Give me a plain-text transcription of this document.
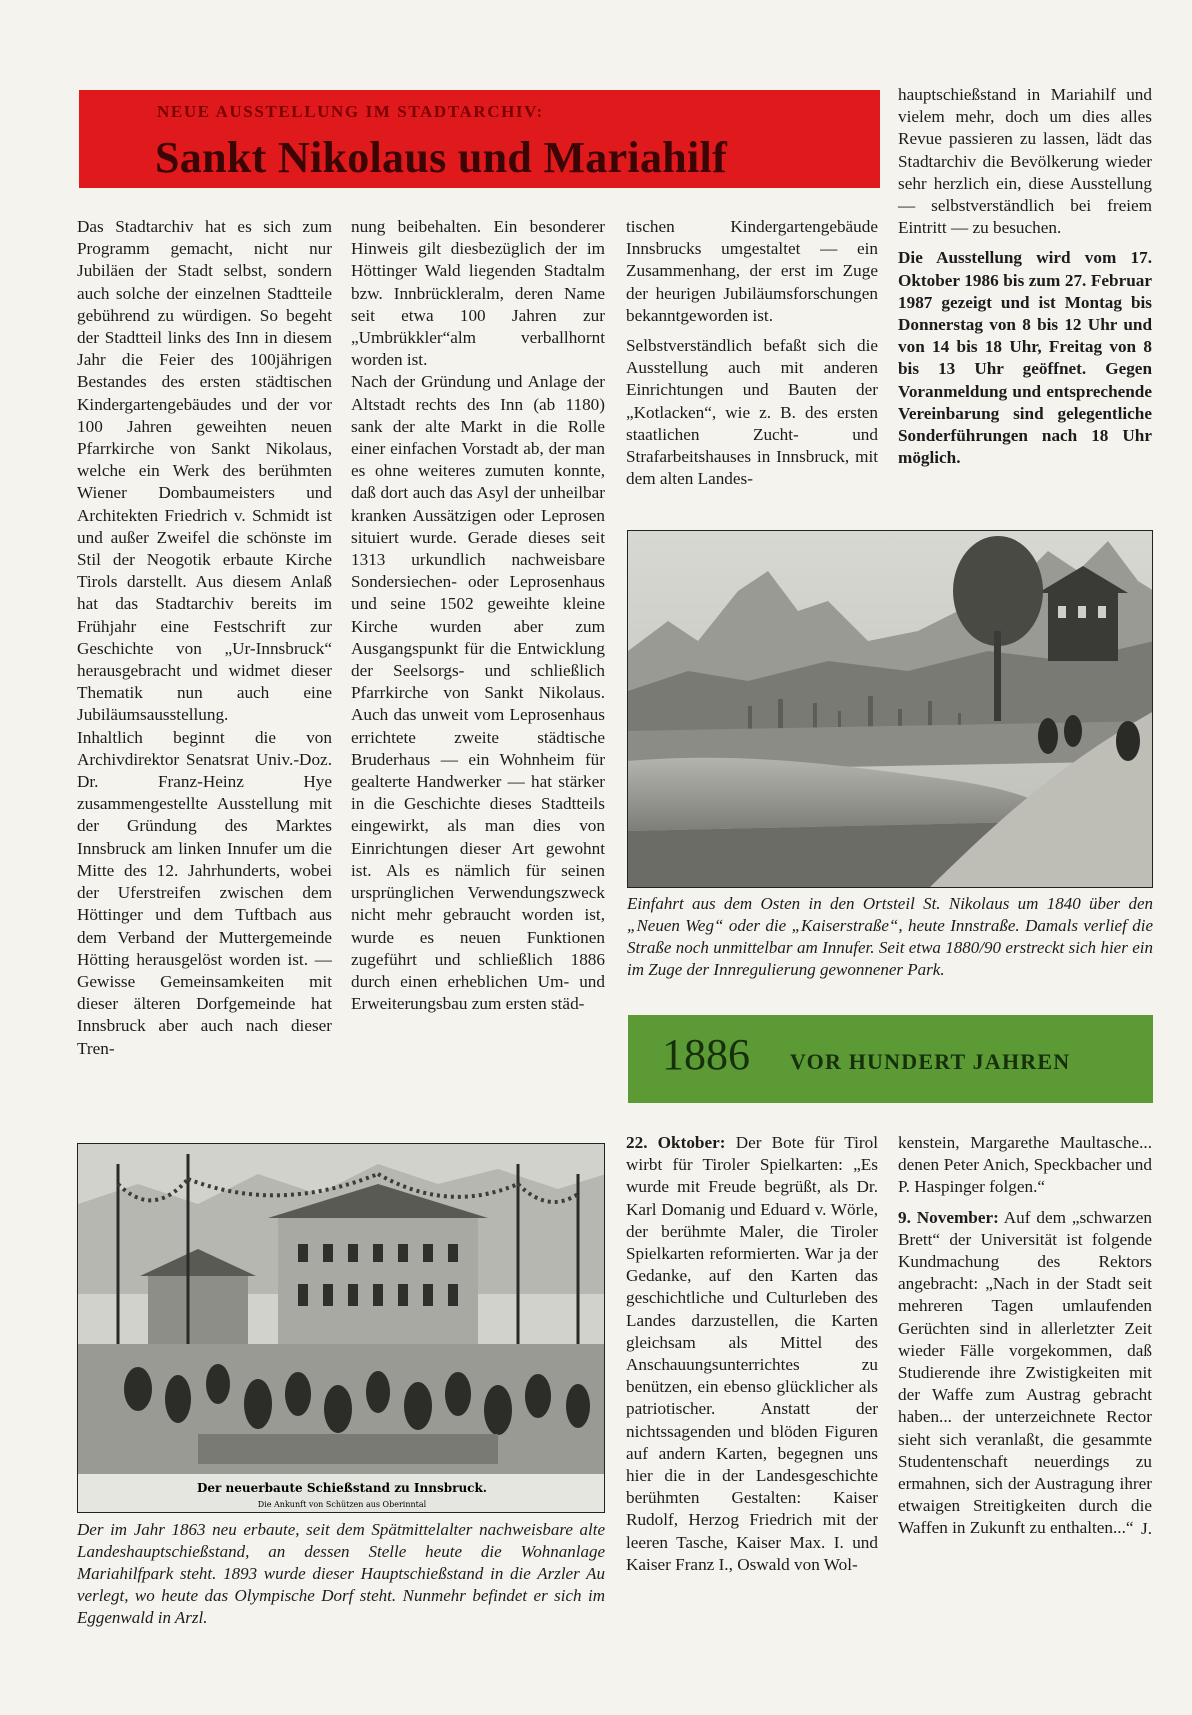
NEUE AUSSTELLUNG IM STADTARCHIV:
Sankt Nikolaus und Mariahilf

Das Stadtarchiv hat es sich zum Programm gemacht, nicht nur Jubiläen der Stadt selbst, sondern auch solche der einzelnen Stadtteile gebührend zu würdigen. So begeht der Stadtteil links des Inn in diesem Jahr die Feier des 100jährigen Bestandes des ersten städtischen Kindergartengebäudes und der vor 100 Jahren geweihten neuen Pfarrkirche von Sankt Nikolaus, welche ein Werk des berühmten Wiener Dombaumeisters und Architekten Friedrich v. Schmidt ist und außer Zweifel die schönste im Stil der Neogotik erbaute Kirche Tirols darstellt. Aus diesem Anlaß hat das Stadtarchiv bereits im Frühjahr eine Festschrift zur Geschichte von „Ur-Innsbruck“ herausgebracht und widmet dieser Thematik nun auch eine Jubiläumsausstellung.

Inhaltlich beginnt die von Archivdirektor Senatsrat Univ.-Doz. Dr. Franz-Heinz Hye zusammengestellte Ausstellung mit der Gründung des Marktes Innsbruck am linken Innufer um die Mitte des 12. Jahrhunderts, wobei der Uferstreifen zwischen dem Höttinger und dem Tuftbach aus dem Verband der Muttergemeinde Hötting herausgelöst worden ist. — Gewisse Gemeinsamkeiten mit dieser älteren Dorfgemeinde hat Innsbruck aber auch nach dieser Tren-

nung beibehalten. Ein besonderer Hinweis gilt diesbezüglich der im Höttinger Wald liegenden Stadtalm bzw. Innbrückleralm, deren Name seit etwa 100 Jahren zur „Umbrükkler“alm verballhornt worden ist.

Nach der Gründung und Anlage der Altstadt rechts des Inn (ab 1180) sank der alte Markt in die Rolle einer einfachen Vorstadt ab, der man es ohne weiteres zumuten konnte, daß dort auch das Asyl der unheilbar kranken Aussätzigen oder Leprosen situiert wurde. Gerade dieses seit 1313 urkundlich nachweisbare Sondersiechen- oder Leprosenhaus und seine 1502 geweihte kleine Kirche wurden aber zum Ausgangspunkt für die Entwicklung der Seelsorgs- und schließlich Pfarrkirche von Sankt Nikolaus. Auch das unweit vom Leprosenhaus errichtete zweite städtische Bruderhaus — ein Wohnheim für gealterte Handwerker — hat stärker in die Geschichte dieses Stadtteils eingewirkt, als man dies von Einrichtungen dieser Art gewohnt ist. Als es nämlich für seinen ursprünglichen Verwendungszweck nicht mehr gebraucht worden ist, wurde es neuen Funktionen zugeführt und schließlich 1886 durch einen erheblichen Um- und Erweiterungsbau zum ersten städ-

tischen Kindergartengebäude Innsbrucks umgestaltet — ein Zusammenhang, der erst im Zuge der heurigen Jubiläumsforschungen bekanntgeworden ist.

Selbstverständlich befaßt sich die Ausstellung auch mit anderen Einrichtungen und Bauten der „Kotlacken“, wie z. B. des ersten staatlichen Zucht- und Strafarbeitshauses in Innsbruck, mit dem alten Landes-

hauptschießstand in Mariahilf und vielem mehr, doch um dies alles Revue passieren zu lassen, lädt das Stadtarchiv die Bevölkerung wieder sehr herzlich ein, diese Ausstellung — selbstverständlich bei freiem Eintritt — zu besuchen.

Die Ausstellung wird vom 17. Oktober 1986 bis zum 27. Februar 1987 gezeigt und ist Montag bis Donnerstag von 8 bis 12 Uhr und von 14 bis 18 Uhr, Freitag von 8 bis 13 Uhr geöffnet. Gegen Voranmeldung und entsprechende Vereinbarung sind gelegentliche Sonderführungen nach 18 Uhr möglich.

Einfahrt aus dem Osten in den Ortsteil St. Nikolaus um 1840 über den „Neuen Weg“ oder die „Kaiserstraße“, heute Innstraße. Damals verlief die Straße noch unmittelbar am Innufer. Seit etwa 1880/90 erstreckt sich hier ein im Zuge der Innregulierung gewonnener Park.
1886 VOR HUNDERT JAHREN
Der neuerbaute Schießstand zu Innsbruck.
Die Ankunft von Schützen aus Oberinntal
Der im Jahr 1863 neu erbaute, seit dem Spätmittelalter nachweisbare alte Landeshauptschießstand, an dessen Stelle heute die Wohnanlage Mariahilfpark steht. 1893 wurde dieser Hauptschießstand in die Arzler Au verlegt, wo heute das Olympische Dorf steht. Nunmehr befindet er sich im Eggenwald in Arzl.

22. Oktober: Der Bote für Tirol wirbt für Tiroler Spielkarten: „Es wurde mit Freude begrüßt, als Dr. Karl Domanig und Eduard v. Wörle, der berühmte Maler, die Tiroler Spielkarten reformierten. War ja der Gedanke, auf den Karten das geschichtliche und Culturleben des Landes darzustellen, die Karten gleichsam als Mittel des Anschauungsunterrichtes zu benützen, ein ebenso glücklicher als patriotischer. Anstatt der nichtssagenden und blöden Figuren auf andern Karten, begegnen uns hier die in der Landesgeschichte berühmten Gestalten: Kaiser Rudolf, Herzog Friedrich mit der leeren Tasche, Kaiser Max. I. und Kaiser Franz I., Oswald von Wol-

kenstein, Margarethe Maultasche... denen Peter Anich, Speckbacher und P. Haspinger folgen.“

9. November: Auf dem „schwarzen Brett“ der Universität ist folgende Kundmachung des Rektors angebracht: „Nach in der Stadt seit mehreren Tagen umlaufenden Gerüchten sind in allerletzter Zeit wieder Fälle vorgekommen, daß Studierende ihre Zwistigkeiten mit der Waffe zum Austrag gebracht haben... der unterzeichnete Rector sieht sich veranlaßt, die gesammte Studentenschaft neuerdings zu ermahnen, sich der Austragung ihrer etwaigen Streitigkeiten durch die Waffen in Zukunft zu enthalten...“ J.
